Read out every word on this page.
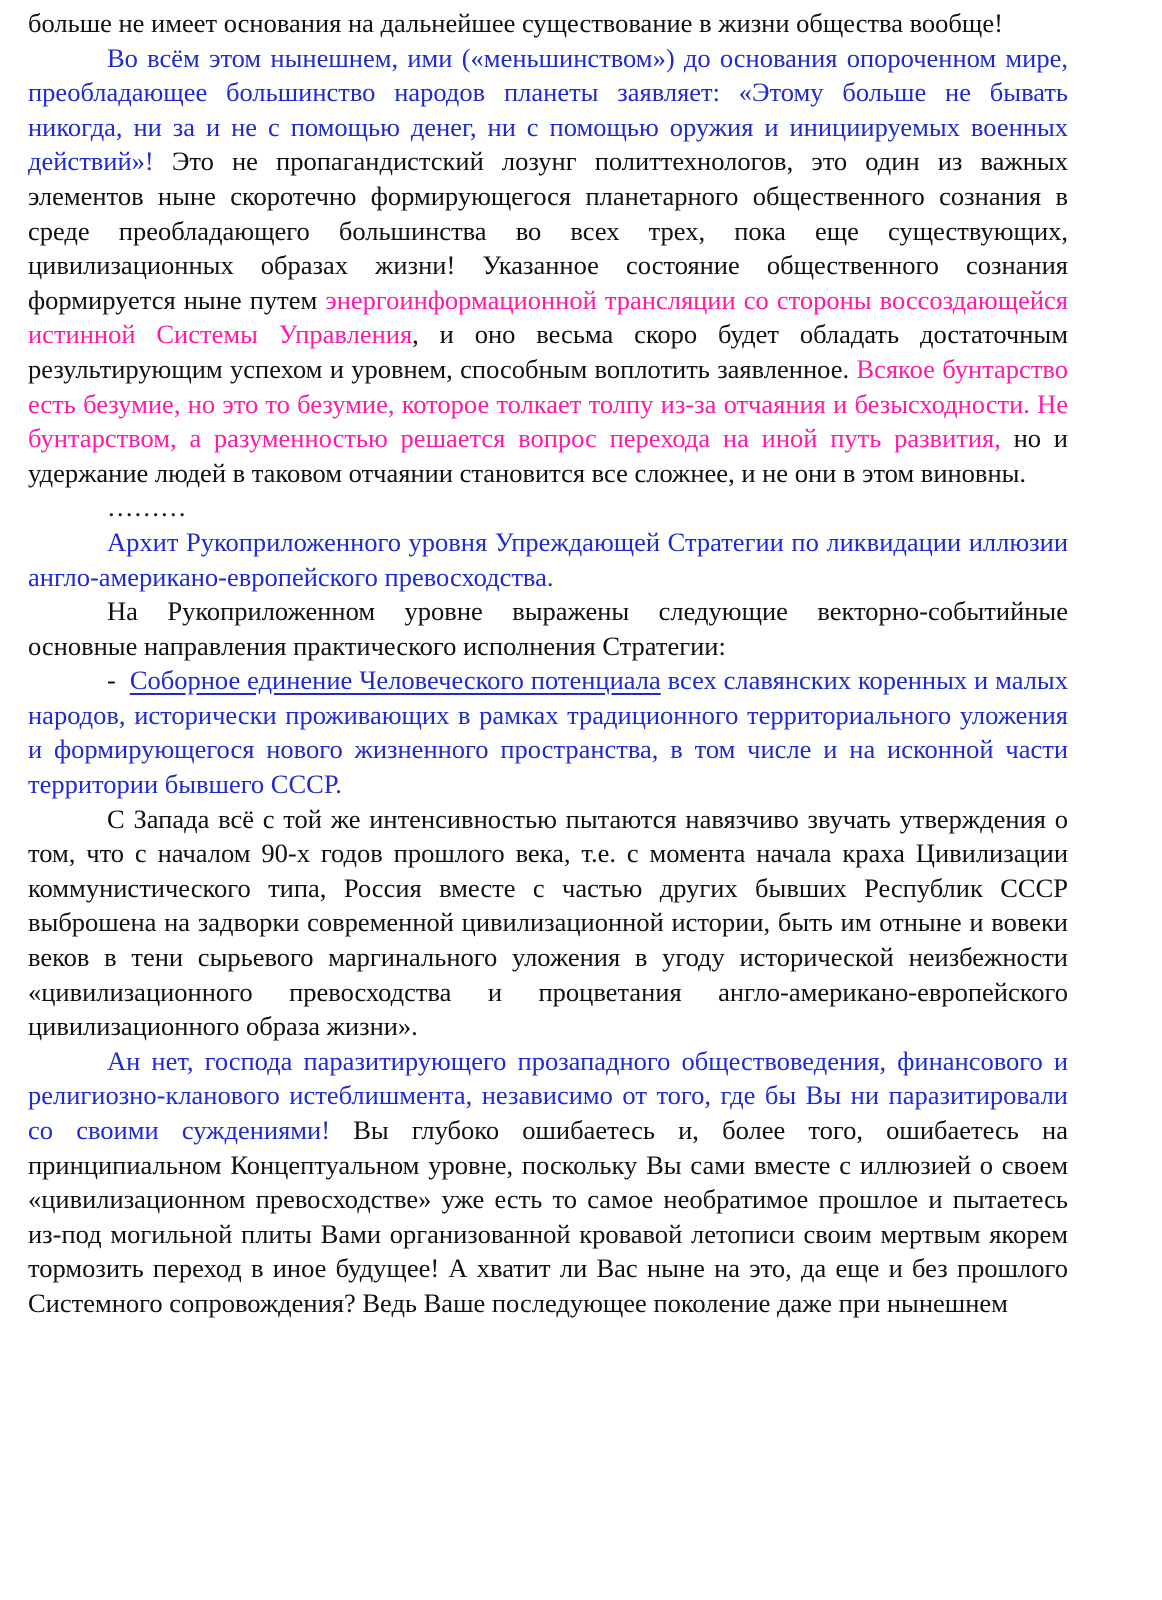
больше не имеет основания на дальнейшее существование в жизни общества вообще!

Во всём этом нынешнем, ими («меньшинством») до основания опороченном мире, преобладающее большинство народов планеты заявляет: «Этому больше не бывать никогда, ни за и не с помощью денег, ни с помощью оружия и инициируемых военных действий»! Это не пропагандистский лозунг политтехнологов, это один из важных элементов ныне скоротечно формирующегося планетарного общественного сознания в среде преобладающего большинства во всех трех, пока еще существующих, цивилизационных образах жизни! Указанное состояние общественного сознания формируется ныне путем энергоинформационной трансляции со стороны воссоздающейся истинной Системы Управления, и оно весьма скоро будет обладать достаточным результирующим успехом и уровнем, способным воплотить заявленное. Всякое бунтарство есть безумие, но это то безумие, которое толкает толпу из-за отчаяния и безысходности. Не бунтарством, а разуменностью решается вопрос перехода на иной путь развития, но и удержание людей в таковом отчаянии становится все сложнее, и не они в этом виновны.

………

Архит Рукоприложенного уровня Упреждающей Стратегии по ликвидации иллюзии англо-американо-европейского превосходства.

На Рукоприложенном уровне выражены следующие векторно-событийные основные направления практического исполнения Стратегии:

- Соборное единение Человеческого потенциала всех славянских коренных и малых народов, исторически проживающих в рамках традиционного территориального уложения и формирующегося нового жизненного пространства, в том числе и на исконной части территории бывшего СССР.

С Запада всё с той же интенсивностью пытаются навязчиво звучать утверждения о том, что с началом 90-х годов прошлого века, т.е. с момента начала краха Цивилизации коммунистического типа, Россия вместе с частью других бывших Республик СССР выброшена на задворки современной цивилизационной истории, быть им отныне и вовеки веков в тени сырьевого маргинального уложения в угоду исторической неизбежности «цивилизационного превосходства и процветания англо-американо-европейского цивилизационного образа жизни».

Ан нет, господа паразитирующего прозападного обществоведения, финансового и религиозно-кланового истеблишмента, независимо от того, где бы Вы ни паразитировали со своими суждениями! Вы глубоко ошибаетесь и, более того, ошибаетесь на принципиальном Концептуальном уровне, поскольку Вы сами вместе с иллюзией о своем «цивилизационном превосходстве» уже есть то самое необратимое прошлое и пытаетесь из-под могильной плиты Вами организованной кровавой летописи своим мертвым якорем тормозить переход в иное будущее! А хватит ли Вас ныне на это, да еще и без прошлого Системного сопровождения? Ведь Ваше последующее поколение даже при нынешнем
